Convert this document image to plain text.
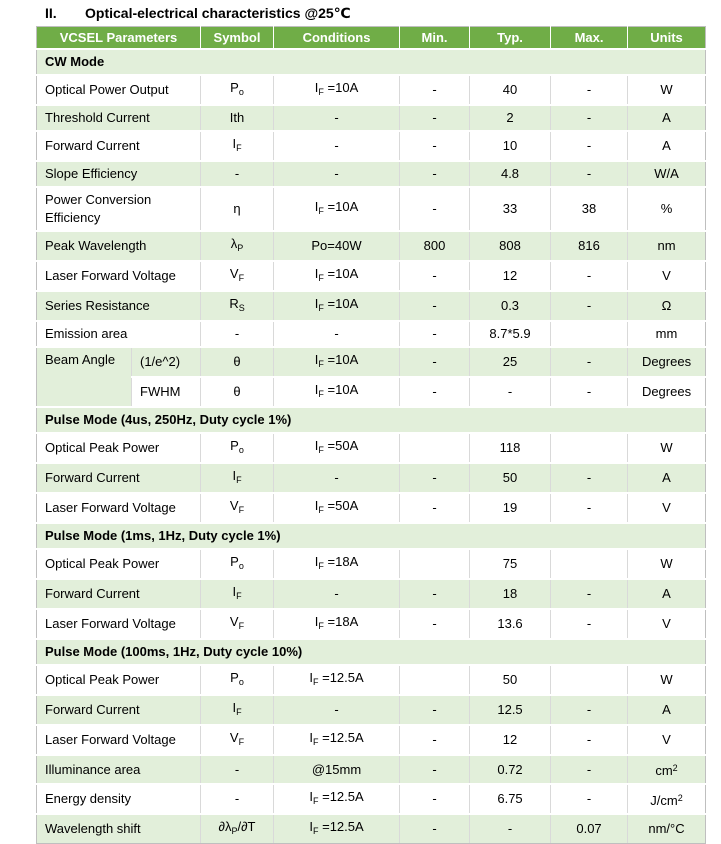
II.	Optical-electrical characteristics @25℃
VCSEL Parameters		Symbol	Conditions	Min.	Typ.	Max.	Units
CW Mode							
Optical Power Output		$P_o$	$I_F =10A$	-	40	-	W
Threshold Current		Ith	-	-	2	-	A
Forward Current		$I_F$	-	-	10	-	A
Slope Efficiency		-	-	-	4.8	-	W/A
Power Conversion Efficiency		η	$I_F =10A$	-	33	38	%
Peak Wavelength		$\lambda_P$	Po=40W	800	808	816	nm
Laser Forward Voltage		$V_F$	$I_F =10A$	-	12	-	V
Series Resistance		$R_S$	$I_F =10A$	-	0.3	-	Ω
Emission area		-	-	-	8.7*5.9		mm
Beam Angle	(1/e^2)	θ	$I_F =10A$	-	25	-	Degrees
	FWHM	θ	$I_F =10A$	-	-	-	Degrees
Pulse Mode (4us, 250Hz, Duty cycle 1%)							
Optical Peak Power		$P_o$	$I_F =50A$		118		W
Forward Current		$I_F$	-	-	50	-	A
Laser Forward Voltage		$V_F$	$I_F =50A$	-	19	-	V
Pulse Mode (1ms, 1Hz, Duty cycle 1%)							
Optical Peak Power		$P_o$	$I_F =18A$		75		W
Forward Current		$I_F$	-	-	18	-	A
Laser Forward Voltage		$V_F$	$I_F =18A$	-	13.6	-	V
Pulse Mode (100ms, 1Hz, Duty cycle 10%)							
Optical Peak Power		$P_o$	$I_F =12.5A$		50		W
Forward Current		$I_F$	-	-	12.5	-	A
Laser Forward Voltage		$V_F$	$I_F =12.5A$	-	12	-	V
Illuminance area		-	@15mm	-	0.72	-	$cm^2$
Energy density		-	$I_F =12.5A$	-	6.75	-	$J/cm^2$
Wavelength shift		$\partial\lambda_P/\partial T$	$I_F =12.5A$	-	-	0.07	nm/°C
